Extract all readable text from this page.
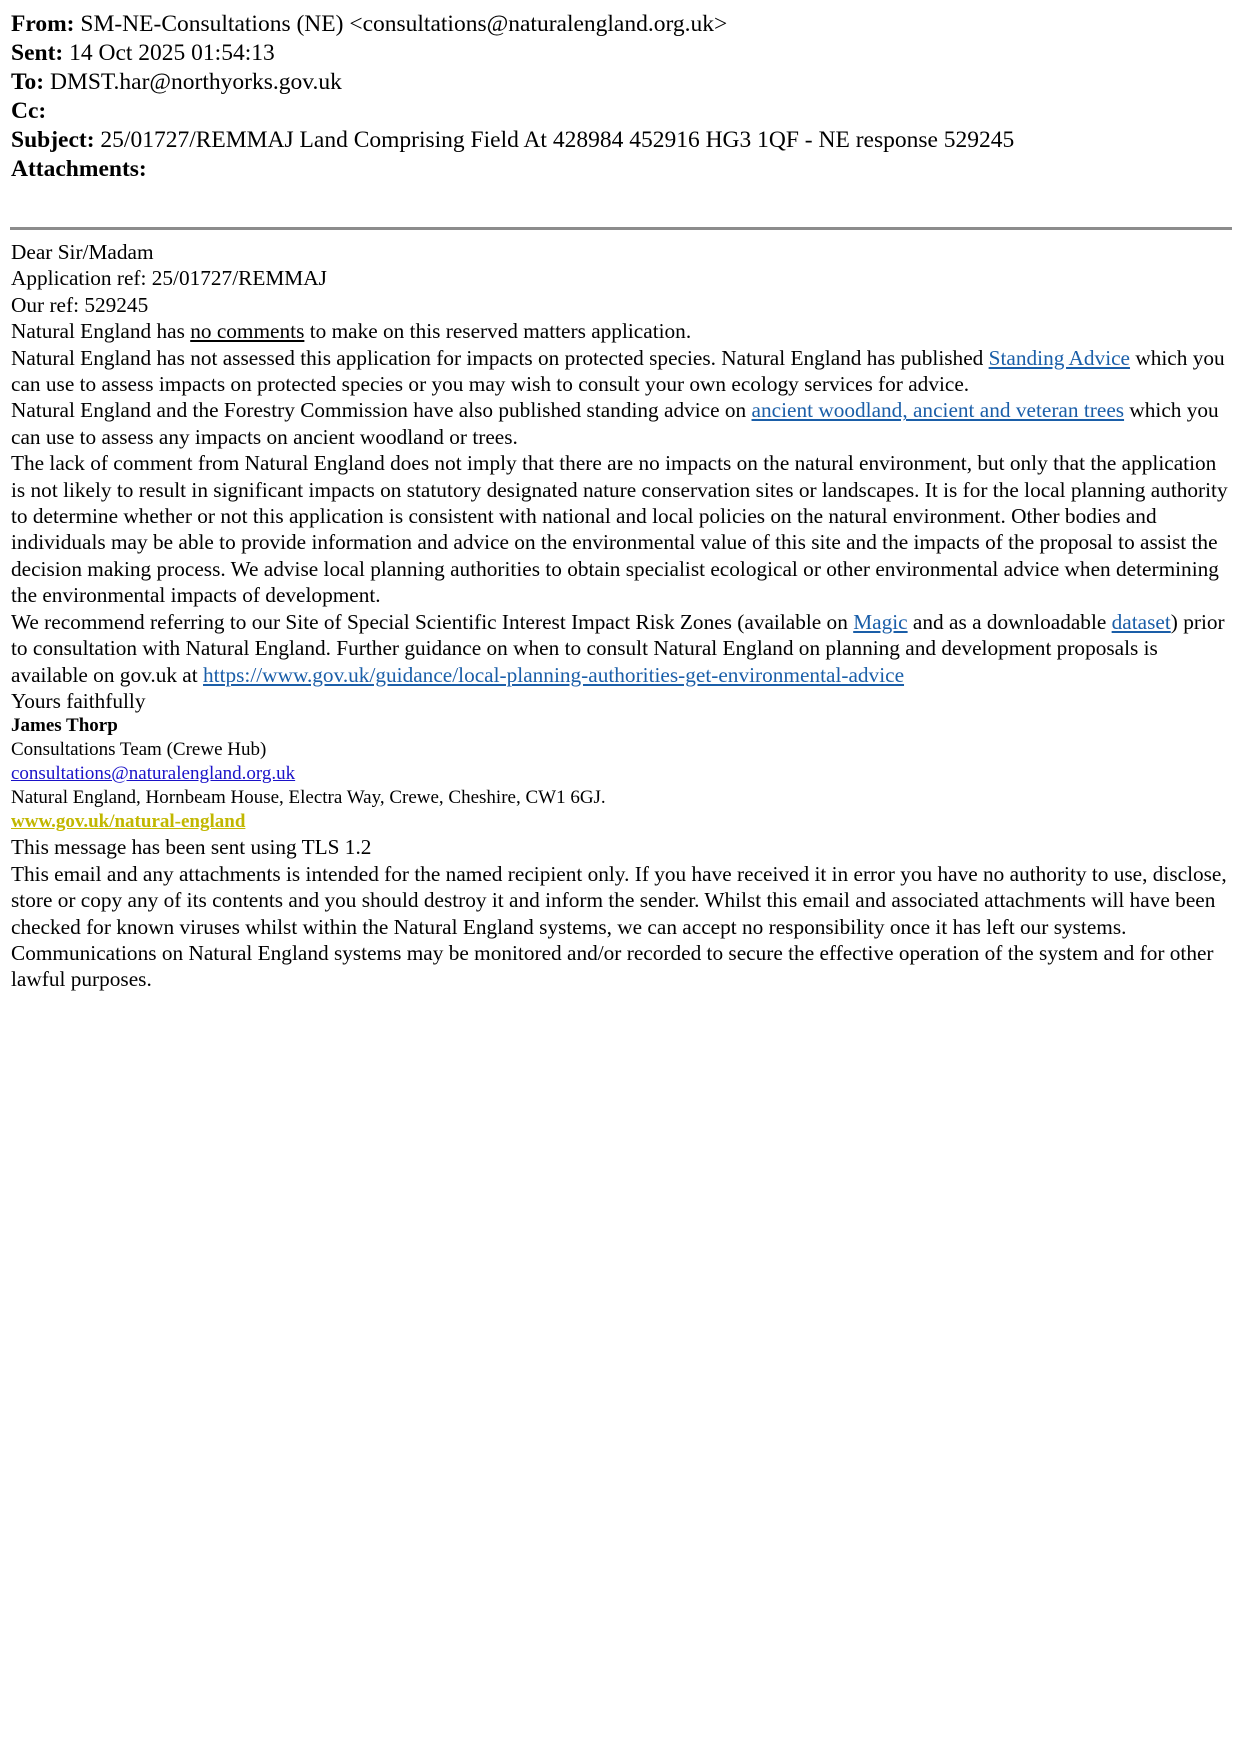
From: SM-NE-Consultations (NE) <consultations@naturalengland.org.uk>
Sent: 14 Oct 2025 01:54:13
To: DMST.har@northyorks.gov.uk
Cc:
Subject: 25/01727/REMMAJ Land Comprising Field At 428984 452916 HG3 1QF - NE response 529245
Attachments:

Dear Sir/Madam

Application ref: 25/01727/REMMAJ

Our ref: 529245

Natural England has no comments to make on this reserved matters application.

Natural England has not assessed this application for impacts on protected species. Natural England has published Standing Advice which you can use to assess impacts on protected species or you may wish to consult your own ecology services for advice.

Natural England and the Forestry Commission have also published standing advice on ancient woodland, ancient and veteran trees which you can use to assess any impacts on ancient woodland or trees.

The lack of comment from Natural England does not imply that there are no impacts on the natural environment, but only that the application is not likely to result in significant impacts on statutory designated nature conservation sites or landscapes. It is for the local planning authority to determine whether or not this application is consistent with national and local policies on the natural environment. Other bodies and individuals may be able to provide information and advice on the environmental value of this site and the impacts of the proposal to assist the decision making process. We advise local planning authorities to obtain specialist ecological or other environmental advice when determining the environmental impacts of development.

We recommend referring to our Site of Special Scientific Interest Impact Risk Zones (available on Magic and as a downloadable dataset) prior to consultation with Natural England. Further guidance on when to consult Natural England on planning and development proposals is available on gov.uk at https://www.gov.uk/guidance/local-planning-authorities-get-environmental-advice

Yours faithfully

James Thorp
Consultations Team (Crewe Hub)
consultations@naturalengland.org.uk
Natural England, Hornbeam House, Electra Way, Crewe, Cheshire, CW1 6GJ.
www.gov.uk/natural-england

This message has been sent using TLS 1.2

This email and any attachments is intended for the named recipient only. If you have received it in error you have no authority to use, disclose, store or copy any of its contents and you should destroy it and inform the sender. Whilst this email and associated attachments will have been checked for known viruses whilst within the Natural England systems, we can accept no responsibility once it has left our systems. Communications on Natural England systems may be monitored and/or recorded to secure the effective operation of the system and for other lawful purposes.
